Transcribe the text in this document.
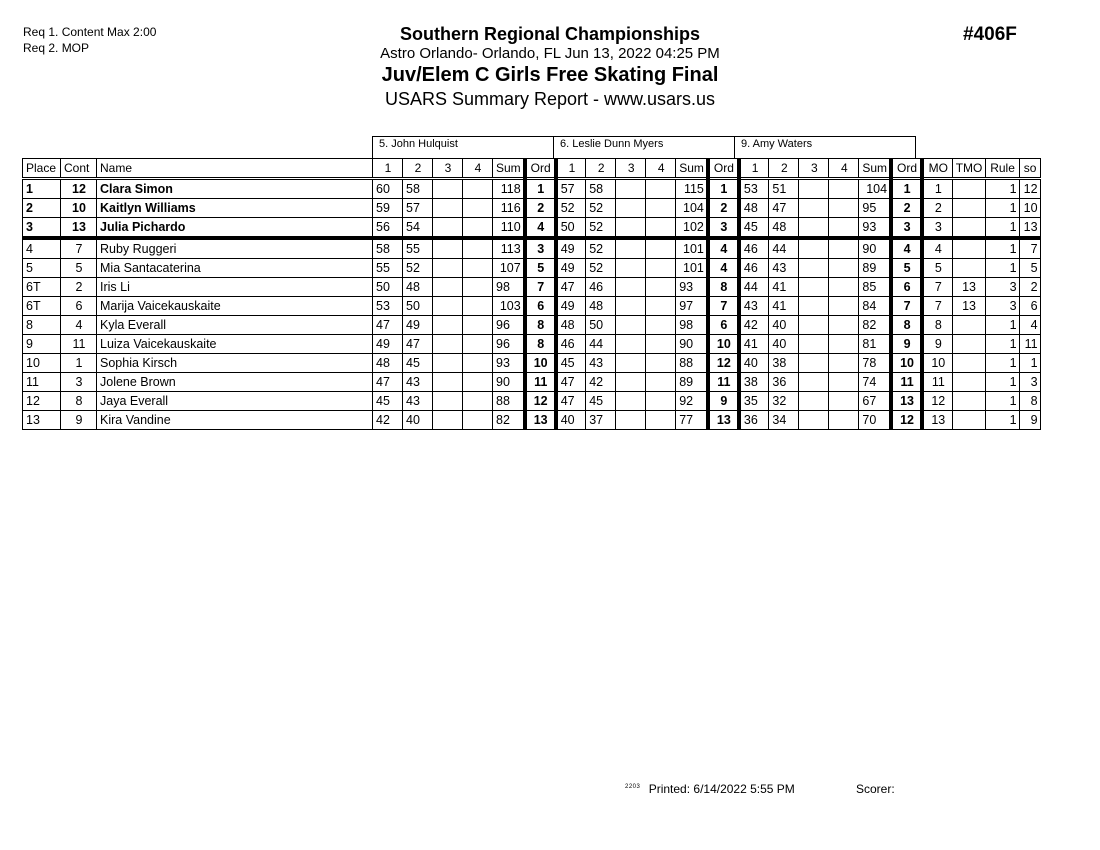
Req 1. Content Max 2:00
Req 2. MOP
Southern Regional Championships
Astro Orlando- Orlando, FL Jun 13, 2022 04:25 PM
Juv/Elem C Girls Free Skating Final
USARS Summary Report - www.usars.us
#406F
5. John Hulquist	6. Leslie Dunn Myers	9. Amy Waters
Place	Cont	Name	1	2	3	4	Sum	Ord	1	2	3	4	Sum	Ord	1	2	3	4	Sum	Ord	MO	TMO	Rule	so
1	12	Clara Simon	60	58			118	1	57	58			115	1	53	51			104	1	1		1	12
2	10	Kaitlyn Williams	59	57			116	2	52	52			104	2	48	47			95	2	2		1	10
3	13	Julia Pichardo	56	54			110	4	50	52			102	3	45	48			93	3	3		1	13
4	7	Ruby Ruggeri	58	55			113	3	49	52			101	4	46	44			90	4	4		1	7
5	5	Mia Santacaterina	55	52			107	5	49	52			101	4	46	43			89	5	5		1	5
6T	2	Iris Li	50	48			98	7	47	46			93	8	44	41			85	6	7	13	3	2
6T	6	Marija Vaicekauskaite	53	50			103	6	49	48			97	7	43	41			84	7	7	13	3	6
8	4	Kyla Everall	47	49			96	8	48	50			98	6	42	40			82	8	8		1	4
9	11	Luiza Vaicekauskaite	49	47			96	8	46	44			90	10	41	40			81	9	9		1	11
10	1	Sophia Kirsch	48	45			93	10	45	43			88	12	40	38			78	10	10		1	1
11	3	Jolene Brown	47	43			90	11	47	42			89	11	38	36			74	11	11		1	3
12	8	Jaya Everall	45	43			88	12	47	45			92	9	35	32			67	13	12		1	8
13	9	Kira Vandine	42	40			82	13	40	37			77	13	36	34			70	12	13		1	9
$^{2203}$ Printed: 6/14/2022 5:55 PM	Scorer:
